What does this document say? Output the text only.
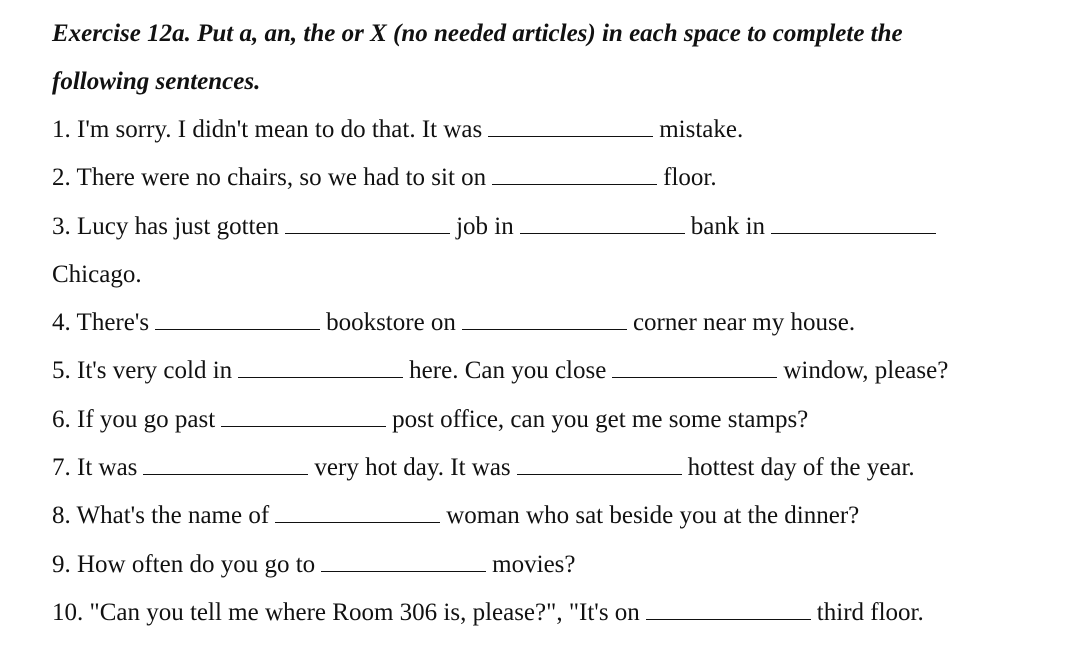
Exercise 12a. Put a, an, the or X (no needed articles) in each space to complete the
following sentences.
1. I'm sorry. I didn't mean to do that. It was	mistake.
2. There were no chairs, so we had to sit on	floor.
3. Lucy has just gotten	job in	bank in
Chicago.
4. There's	bookstore on	corner near my house.
5. It's very cold in	here. Can you close	window, please?
6. If you go past	post office, can you get me some stamps?
7. It was	very hot day. It was	hottest day of the year.
8. What's the name of	woman who sat beside you at the dinner?
9. How often do you go to	movies?
10. "Can you tell me where Room 306 is, please?", "It's on	third floor.
